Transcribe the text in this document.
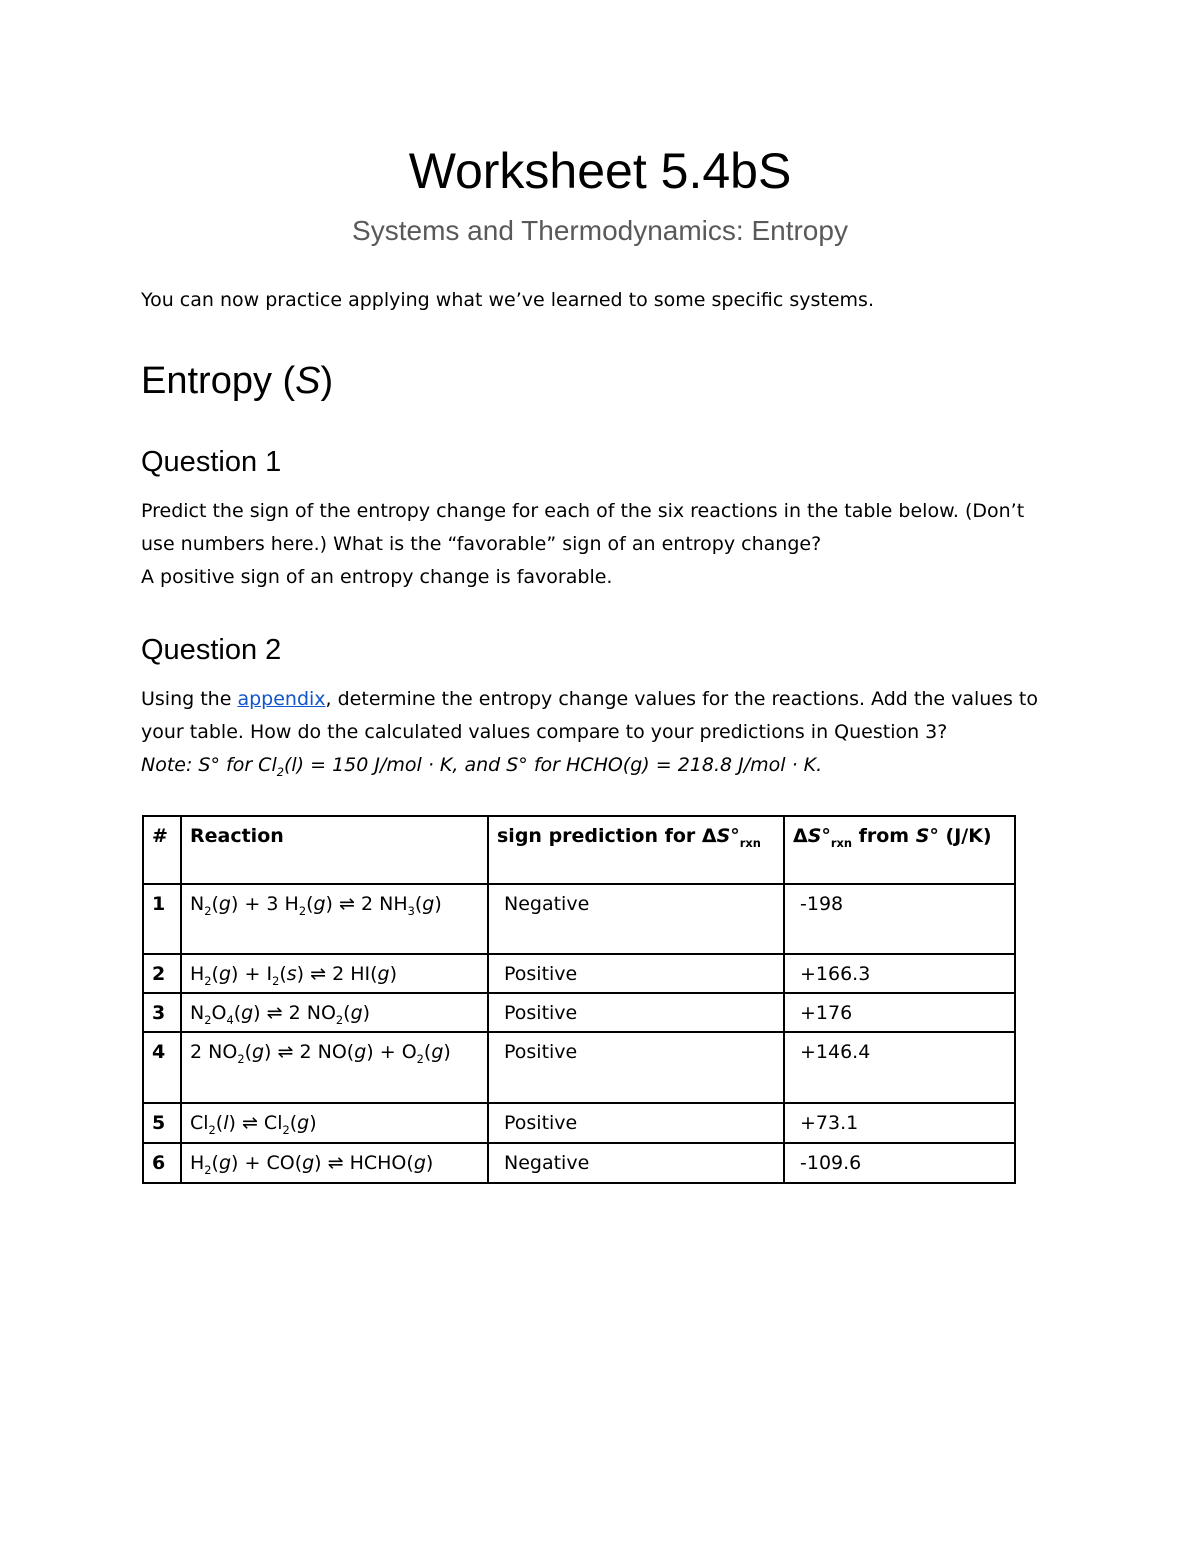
Worksheet 5.4bS
Systems and Thermodynamics: Entropy
You can now practice applying what we’ve learned to some specific systems.
Entropy (S)
Question 1
Predict the sign of the entropy change for each of the six reactions in the table below. (Don’t use numbers here.) What is the “favorable” sign of an entropy change?
A positive sign of an entropy change is favorable.
Question 2
Using the appendix, determine the entropy change values for the reactions. Add the values to your table. How do the calculated values compare to your predictions in Question 3?
Note: S° for $Cl_2(l) = 150$ J/mol · K, and S° for HCHO(g) = 218.8 J/mol · K.
#	Reaction	sign prediction for $\Delta S^\circ_{rxn}$	$\Delta S^\circ_{rxn}$ from S° (J/K)
1	$N_2(g) + 3$ $H_2(g)$ ⇌ 2 $NH_3(g)$	Negative	-198
2	$H_2(g) + I_2(s)$ ⇌ 2 HI(g)	Positive	+166.3
3	$N_2O_4(g)$ ⇌ 2 $NO_2(g)$	Positive	+176
4	2 $NO_2(g)$ ⇌ 2 $NO(g) + O_2(g)$	Positive	+146.4
5	$Cl_2(l)$ ⇌ $Cl_2(g)$	Positive	+73.1
6	$H_2(g) + CO(g)$ ⇌ HCHO(g)	Negative	-109.6
